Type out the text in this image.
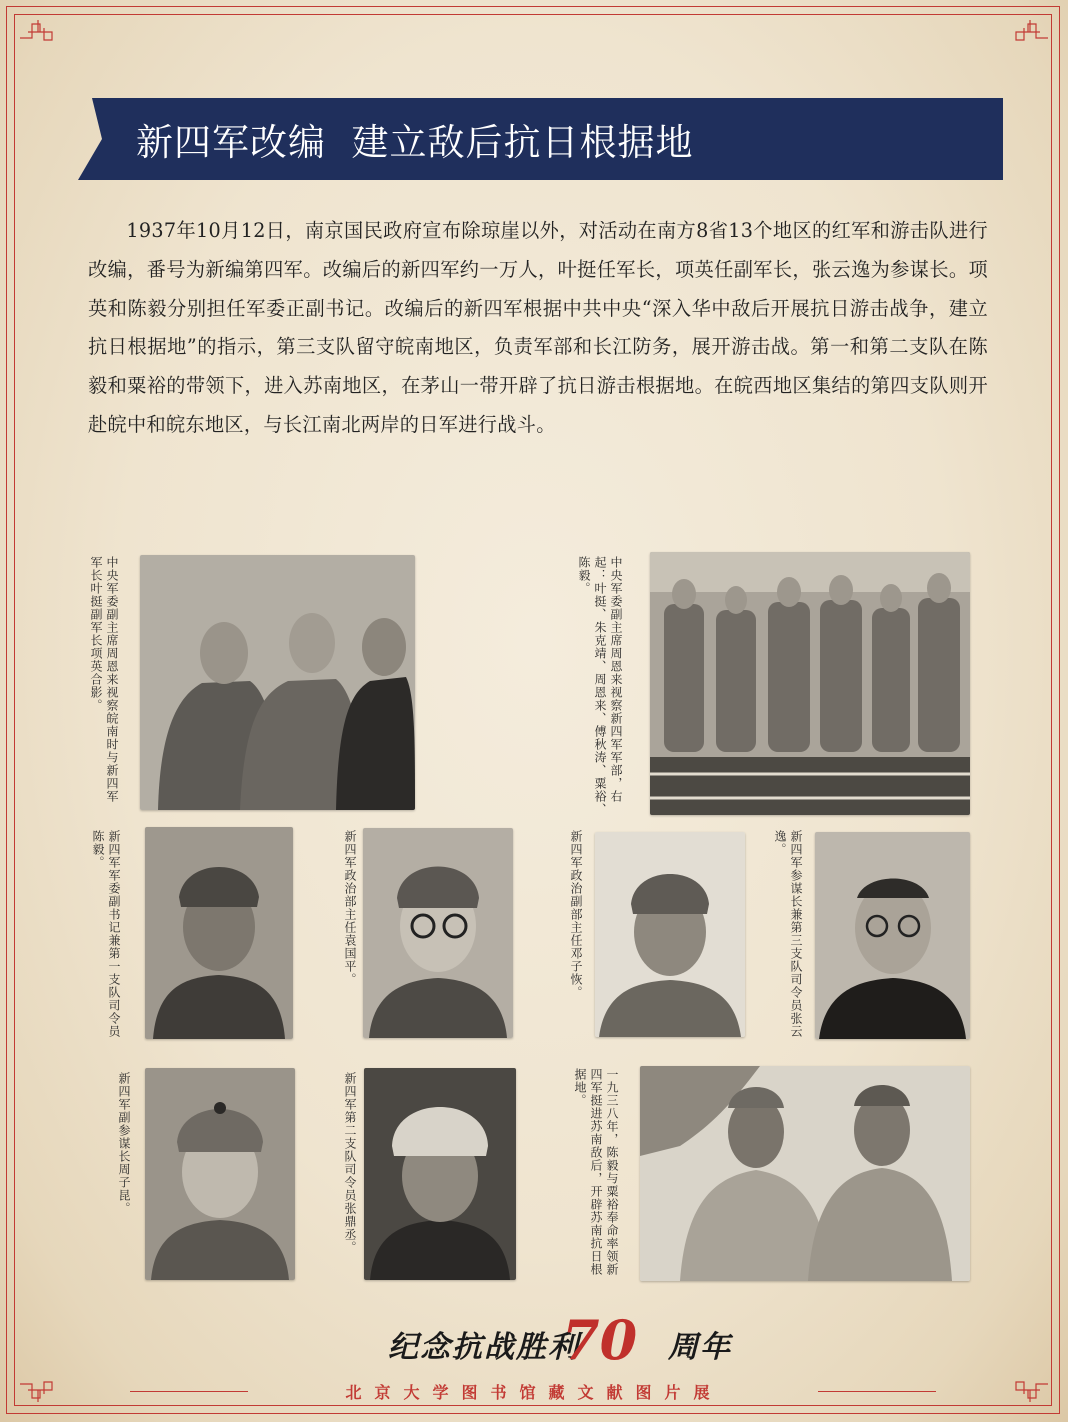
新四军改编  建立敌后抗日根据地
1937年10月12日，南京国民政府宣布除琼崖以外，对活动在南方8省13个地区的红军和游击队进行改编，番号为新编第四军。改编后的新四军约一万人，叶挺任军长，项英任副军长，张云逸为参谋长。项英和陈毅分别担任军委正副书记。改编后的新四军根据中共中央“深入华中敌后开展抗日游击战争，建立抗日根据地”的指示，第三支队留守皖南地区，负责军部和长江防务，展开游击战。第一和第二支队在陈毅和粟裕的带领下，进入苏南地区，在茅山一带开辟了抗日游击根据地。在皖西地区集结的第四支队则开赴皖中和皖东地区，与长江南北两岸的日军进行战斗。
中央军委副主席周恩来视察皖南时与新四军军长叶挺副军长项英合影。	中央军委副主席周恩来视察新四军军部，右起：叶挺、朱克靖、周恩来、傅秋涛、粟裕、陈毅。
新四军军委副书记兼第一支队司令员陈毅。	新四军政治部主任袁国平。	新四军政治副部主任邓子恢。	新四军参谋长兼第三支队司令员张云逸。
新四军副参谋长周子昆。	新四军第二支队司令员张鼎丞。	一九三八年，陈毅与粟裕奉命率领新四军挺进苏南敌后，开辟苏南抗日根据地。
纪念抗战胜利	周年
70
北京大学图书馆藏文献图片展
